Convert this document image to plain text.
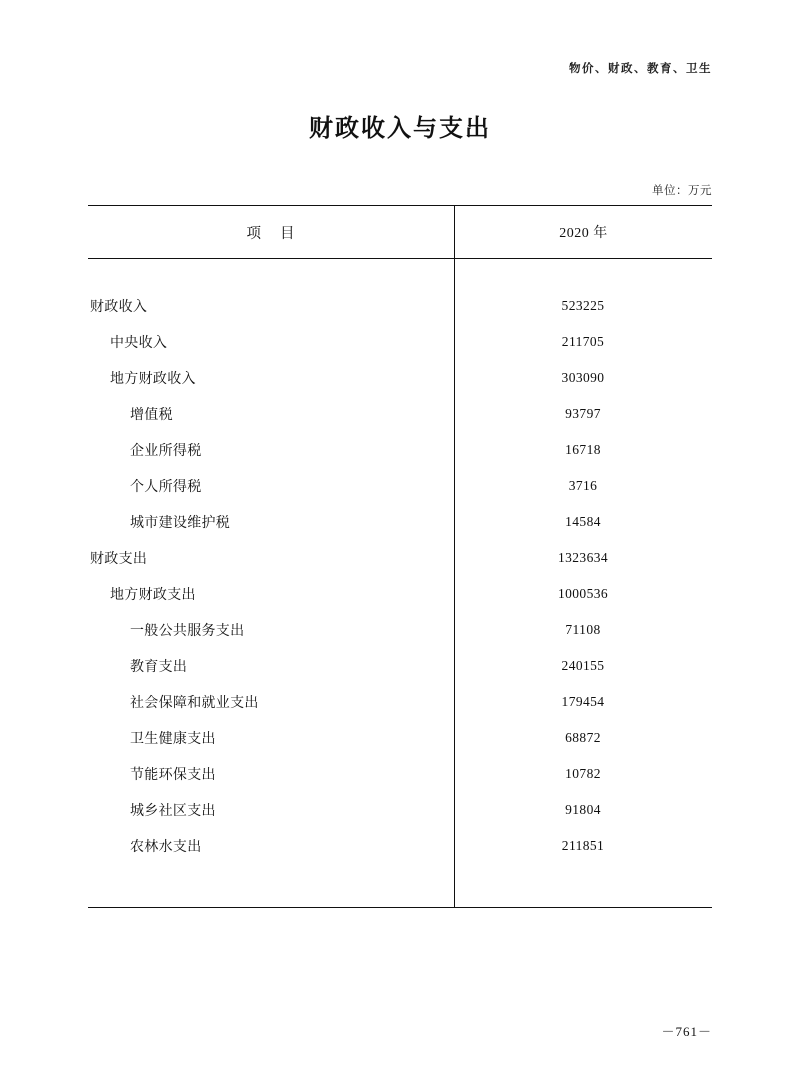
物价、财政、教育、卫生
财政收入与支出
单位：万元
项 目	2020 年
财政收入	523225
中央收入	211705
地方财政收入	303090
增值税	93797
企业所得税	16718
个人所得税	3716
城市建设维护税	14584
财政支出	1323634
地方财政支出	1000536
一般公共服务支出	71108
教育支出	240155
社会保障和就业支出	179454
卫生健康支出	68872
节能环保支出	10782
城乡社区支出	91804
农林水支出	211851
－761－
